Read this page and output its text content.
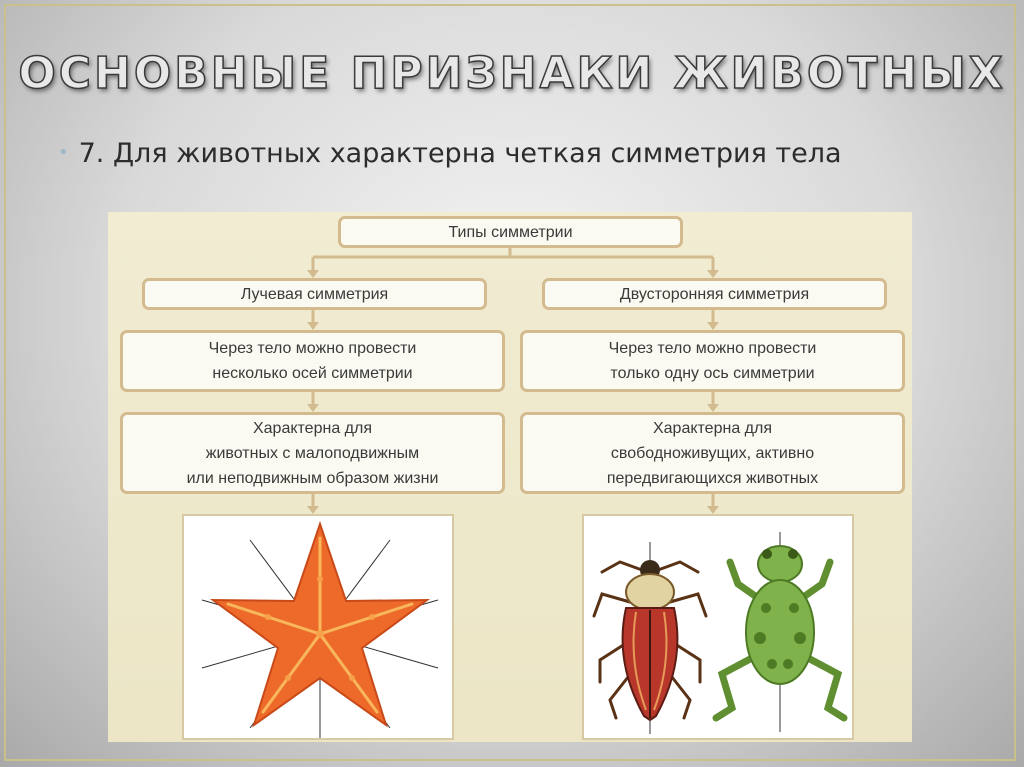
ОСНОВНЫЕ ПРИЗНАКИ ЖИВОТНЫХ
• 7. Для животных характерна четкая симметрия тела
Типы симметрии
Лучевая симметрия	Двусторонняя симметрия
Через тело можно провести
несколько осей симметрии
Через тело можно провести
только одну ось симметрии
Характерна для
животных с малоподвижным
или неподвижным образом жизни
Характерна для
свободноживущих, активно
передвигающихся животных
